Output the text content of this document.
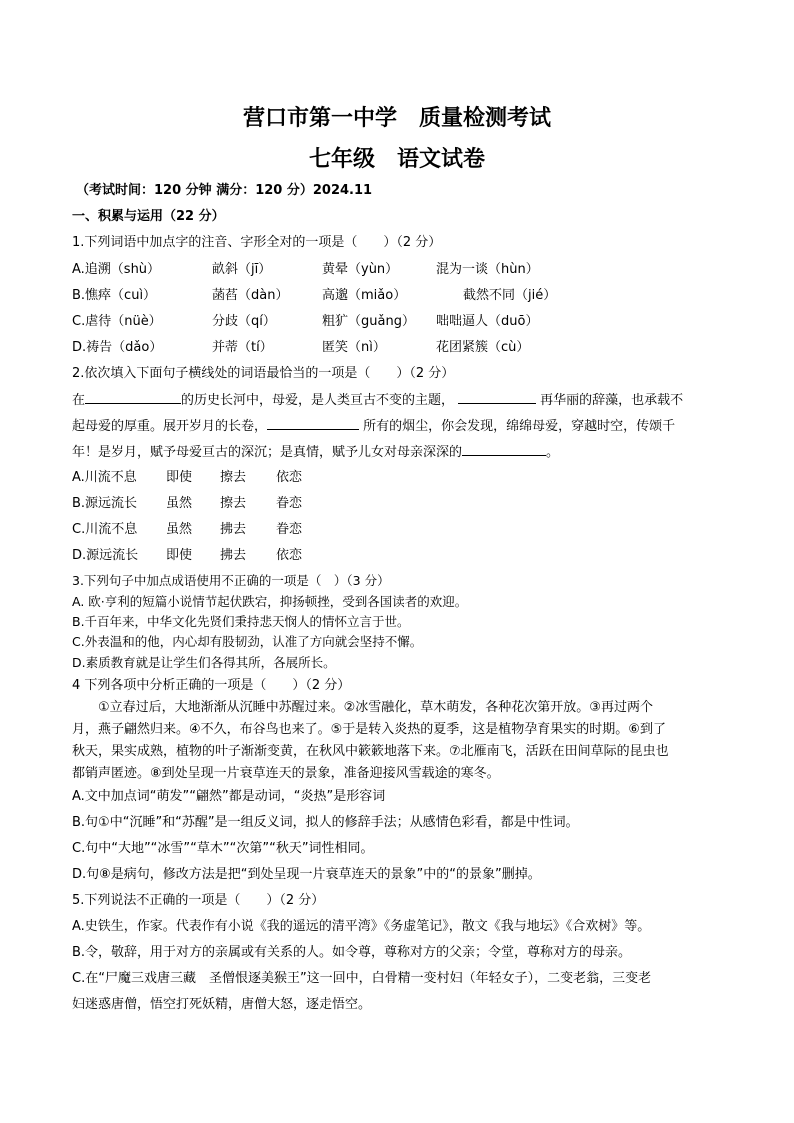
营口市第一中学　质量检测考试
七年级　语文试卷
（考试时间：120 分钟 满分：120 分）2024.11
一、积累与运用（22 分）
1.下列词语中加点字的注音、字形全对的一项是（　　）（2 分）
A.追溯（shù）	畝斜（jī）	黄晕（yùn）	混为一谈（hùn）
B.憔瘁（cuì）	菡萏（dàn）	高邈（miǎo）	截然不同（jié）
C.虐待（nüè）	分歧（qí）	粗犷（guǎng） 咄咄逼人（duō）
D.祷告（dǎo）	并蒂（tí）	匿笑（nì）	花团紧簇（cù）
2.依次填入下面句子横线处的词语最恰当的一项是（　　）（2 分）
在	的历史长河中，母爱，是人类亘古不变的主题，	再华丽的辞藻，也承载不
起母爱的厚重。展开岁月的长卷，	所有的烟尘，你会发现，绵绵母爱，穿越时空，传颂千
年！是岁月，赋予母爱亘古的深沉；是真情，赋予儿女对母亲深深的	。
A.川流不息 即使 擦去 依恋
B.源远流长 虽然 擦去 眷恋
C.川流不息 虽然 拂去 眷恋
D.源远流长 即使 拂去 依恋
3.下列句子中加点成语使用不正确的一项是（　）（3 分）
A. 欧·亨利的短篇小说情节起伏跌宕，抑扬顿挫，受到各国读者的欢迎。
B.千百年来，中华文化先贤们秉持悲天悯人的情怀立言于世。
C.外表温和的他，内心却有股韧劲，认准了方向就会坚持不懈。
D.素质教育就是让学生们各得其所，各展所长。
4 下列各项中分析正确的一项是（　　）（2 分）
　　①立春过后，大地渐渐从沉睡中苏醒过来。②冰雪融化，草木萌发，各种花次第开放。③再过两个
月，燕子翩然归来。④不久，布谷鸟也来了。⑤于是转入炎热的夏季，这是植物孕育果实的时期。⑥到了
秋天，果实成熟，植物的叶子渐渐变黄，在秋风中簌簌地落下来。⑦北雁南飞，活跃在田间草际的昆虫也
都销声匿迹。⑧到处呈现一片衰草连天的景象，准备迎接风雪载途的寒冬。
A.文中加点词“萌发”“翩然”都是动词，“炎热”是形容词
B.句①中“沉睡”和“苏醒”是一组反义词，拟人的修辞手法；从感情色彩看，都是中性词。
C.句中“大地”“冰雪”“草木”“次第”“秋天”词性相同。
D.句⑧是病句，修改方法是把“到处呈现一片衰草连天的景象”中的“的景象”删掉。
5.下列说法不正确的一项是（　　）（2 分）
A.史铁生，作家。代表作有小说《我的遥远的清平湾》《务虚笔记》，散文《我与地坛》《合欢树》等。
B.令，敬辞，用于对方的亲属或有关系的人。如令尊，尊称对方的父亲；令堂，尊称对方的母亲。
C.在“尸魔三戏唐三藏　圣僧恨逐美猴王”这一回中，白骨精一变村妇（年轻女子），二变老翁，三变老
妇迷惑唐僧，悟空打死妖精，唐僧大怒，逐走悟空。
